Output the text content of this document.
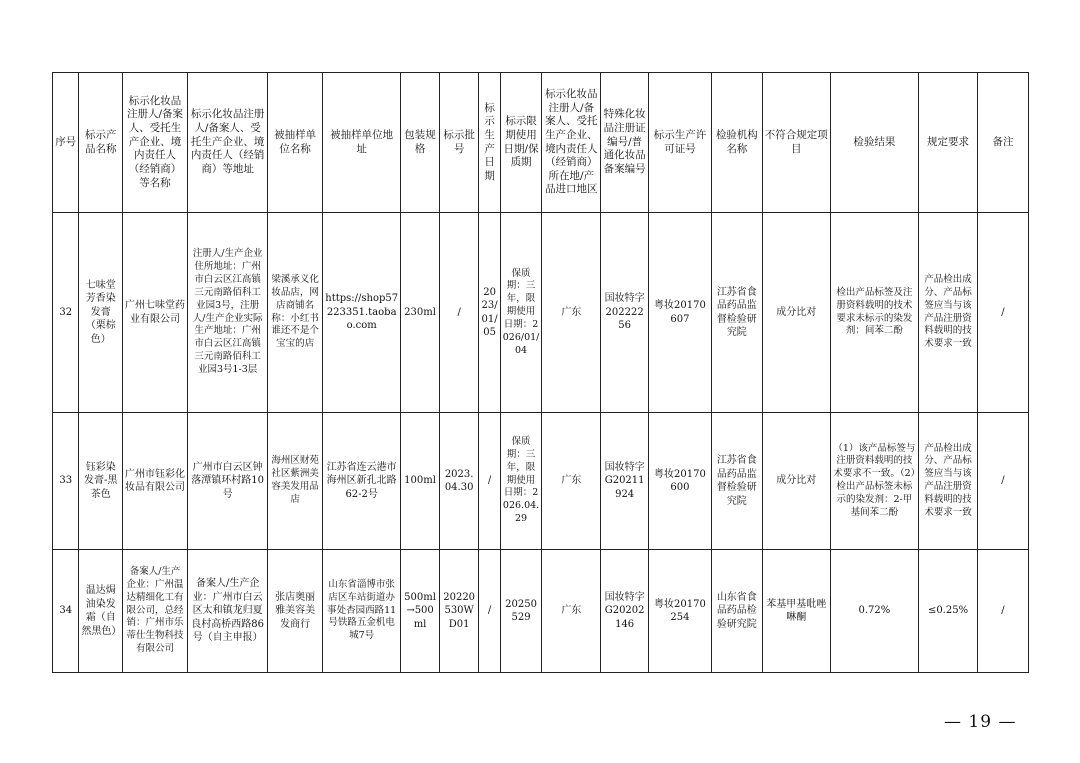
序号	标示产品名称	标示化妆品注册人/备案人、受托生产企业、境内责任人（经销商）等名称	标示化妆品注册人/备案人、受托生产企业、境内责任人（经销商）等地址	被抽样单位名称	被抽样单位地址	包装规格	标示批号	标示生产日期	标示限期使用日期/保质期	标示化妆品注册人/备案人、受托生产企业、境内责任人（经销商）所在地/产品进口地区	特殊化妆品注册证编号/普通化妆品备案编号	标示生产许可证号	检验机构名称	不符合规定项目	检验结果	规定要求	备注
32	七味堂芳香染发膏（栗棕色）	广州七味堂药业有限公司	注册人/生产企业住所地址：广州市白云区江高镇三元南路佰科工业园3号，注册人/生产企业实际生产地址：广州市白云区江高镇三元南路佰科工业园3号1-3层	梁溪承义化妆品店，网店商铺名称：小红书谁还不是个宝宝的店	https://shop57223351.taobao.com	230ml	/	2023/01/05	保质期：三年，限期使用日期：2026/01/04	广东	国妆特字20222256	粤妆20170607	江苏省食品药品监督检验研究院	成分比对	检出产品标签及注册资料载明的技术要求未标示的染发剂：间苯二酚	产品检出成分、产品标签应当与该产品注册资料载明的技术要求一致	/
33	钰彩染发膏-黑茶色	广州市钰彩化妆品有限公司	广州市白云区钟落潭镇环村路10号	海州区财苑社区紫洲美容美发用品店	江苏省连云港市海州区新孔北路62-2号	100ml	2023.04.30	/	保质期：三年，限期使用日期：2026.04.29	广东	国妆特字G20211924	粤妆20170600	江苏省食品药品监督检验研究院	成分比对	（1）该产品标签与注册资料载明的技术要求不一致。（2）检出产品标签未标示的染发剂：2-甲基间苯二酚	产品检出成分、产品标签应当与该产品注册资料载明的技术要求一致	/
34	温达焗油染发霜（自然黑色）	备案人/生产企业：广州温达精细化工有限公司，总经销：广州市乐蒂仕生物科技有限公司	备案人/生产企业：广州市白云区太和镇龙归夏良村高桥西路86号（自主申报）	张店奥丽雅美容美发商行	山东省淄博市张店区车站街道办事处杏园西路11号铁路五金机电城7号	500ml→500ml	20220530WD01	/	20250529	广东	国妆特字G20202146	粤妆20170254	山东省食品药品检验研究院	苯基甲基吡唑啉酮	0.72%	≤0.25%	/
— 19 —
